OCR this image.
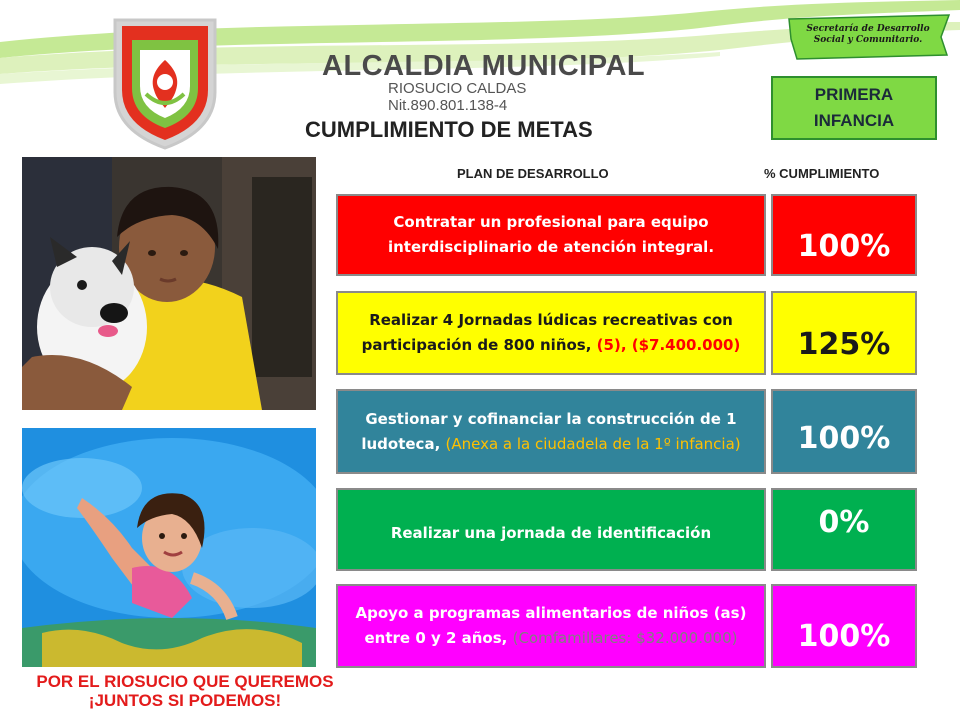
ALCALDIA MUNICIPAL
RIOSUCIO CALDAS
Nit.890.801.138-4
CUMPLIMIENTO DE METAS
Secretaría de Desarrollo
Social y Comunitario.
PRIMERA
INFANCIA
PLAN DE DESARROLLO	% CUMPLIMIENTO
Contratar un profesional para equipo interdisciplinario de atención integral.	100%
Realizar 4 Jornadas lúdicas recreativas con participación de 800 niños, (5), ($7.400.000)	125%
Gestionar y cofinanciar la construcción de 1 ludoteca, (Anexa a la ciudadela de la 1º infancia)	100%
Realizar una jornada de identificación	0%
Apoyo a programas alimentarios de niños (as) entre 0 y 2 años, (Comfamiliares: $32.000.000)	100%
POR EL RIOSUCIO QUE QUEREMOS
¡JUNTOS SI PODEMOS!
